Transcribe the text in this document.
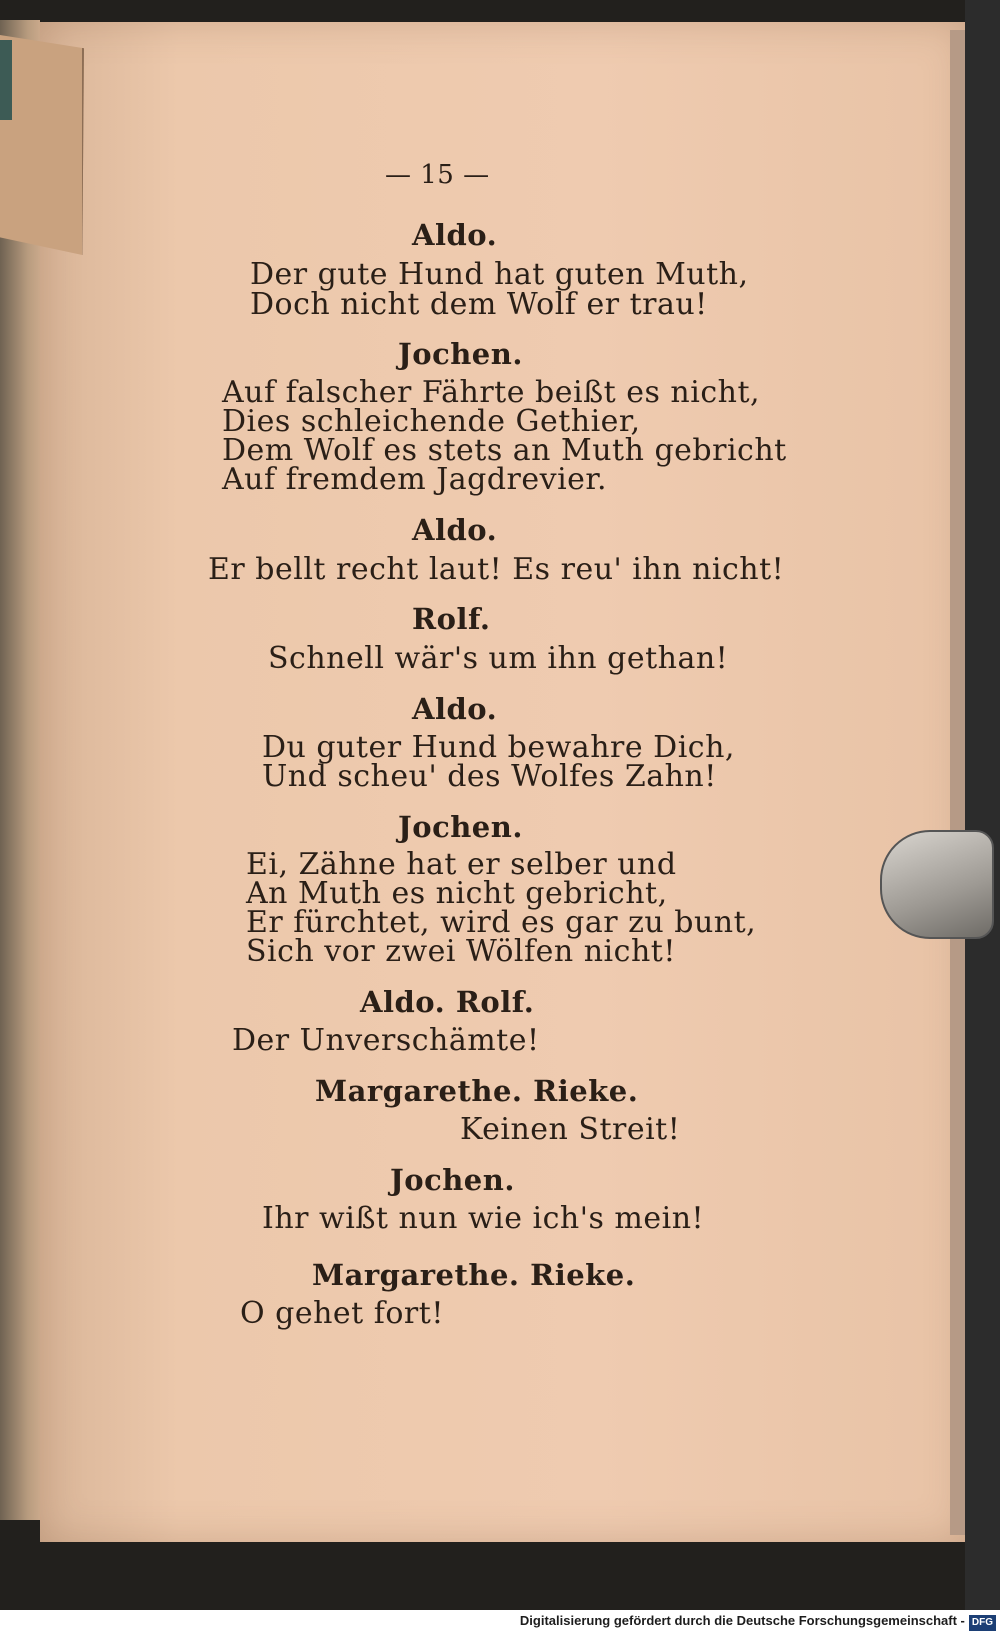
— 15 —
Aldo.
Der gute Hund hat guten Muth,
Doch nicht dem Wolf er trau!
Jochen.
Auf falscher Fährte beißt es nicht,
Dies schleichende Gethier,
Dem Wolf es stets an Muth gebricht
Auf fremdem Jagdrevier.
Aldo.
Er bellt recht laut! Es reu' ihn nicht!
Rolf.
Schnell wär's um ihn gethan!
Aldo.
Du guter Hund bewahre Dich,
Und scheu' des Wolfes Zahn!
Jochen.
Ei, Zähne hat er selber und
An Muth es nicht gebricht,
Er fürchtet, wird es gar zu bunt,
Sich vor zwei Wölfen nicht!
Aldo. Rolf.
Der Unverschämte!
Margarethe. Rieke.
Keinen Streit!
Jochen.
Ihr wißt nun wie ich's mein!
Margarethe. Rieke.
O gehet fort!
Digitalisierung gefördert durch die Deutsche Forschungsgemeinschaft - DFG
